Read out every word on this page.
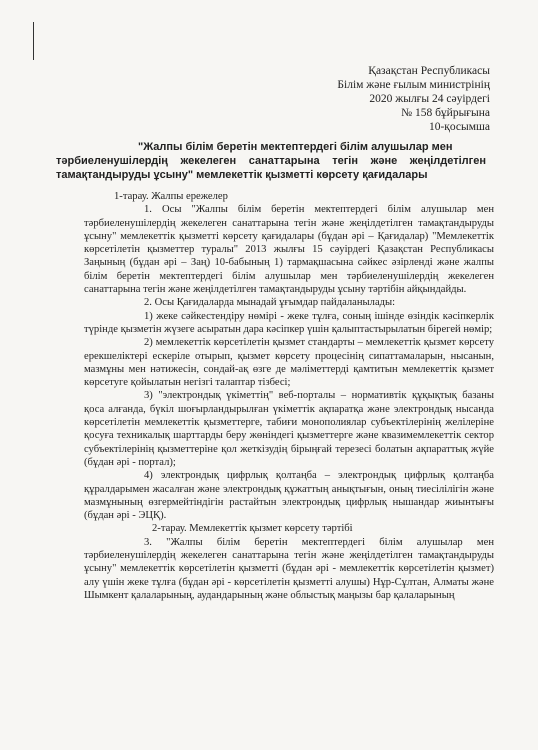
Қазақстан Республикасы
Білім және ғылым министрінің
2020 жылғы 24 сәуірдегі
№ 158 бұйрығына
10-қосымша
"Жалпы білім беретін мектептердегі білім алушылар мен
тәрбиеленушілердің жекелеген санаттарына тегін және жеңілдетілген тамақтандыруды ұсыну" мемлекеттік қызметті көрсету қағидалары

1-тарау. Жалпы ережелер

1. Осы "Жалпы білім беретін мектептердегі білім алушылар мен тәрбиеленушілердің жекелеген санаттарына тегін және жеңілдетілген тамақтандыруды ұсыну" мемлекеттік қызметті көрсету қағидалары (бұдан әрі – Қағидалар) "Мемлекеттік көрсетілетін қызметтер туралы" 2013 жылғы 15 сәуірдегі Қазақстан Республикасы Заңының (бұдан әрі – Заң) 10-бабының 1) тармақшасына сәйкес әзірленді және жалпы білім беретін мектептердегі білім алушылар мен тәрбиеленушілердің жекелеген санаттарына тегін және жеңілдетілген тамақтандыруды ұсыну тәртібін айқындайды.

2. Осы Қағидаларда мынадай ұғымдар пайдаланылады:

1) жеке сәйкестендіру нөмірі - жеке тұлға, соның ішінде өзіндік кәсіпкерлік түрінде қызметін жүзеге асыратын дара кәсіпкер үшін қалыптастырылатын бірегей нөмір;

2) мемлекеттік көрсетілетін қызмет стандарты – мемлекеттік қызмет көрсету ерекшеліктері ескеріле отырып, қызмет көрсету процесінің сипаттамаларын, нысанын, мазмұны мен нәтижесін, сондай-ақ өзге де мәліметтерді қамтитын мемлекеттік қызмет көрсетуге қойылатын негізгі талаптар тізбесі;

3) "электрондық үкіметтің" веб-порталы – нормативтік құқықтық базаны қоса алғанда, бүкіл шоғырландырылған үкіметтік ақпаратқа және электрондық нысанда көрсетілетін мемлекеттік қызметтерге, табиғи монополиялар субъектілерінің желілеріне қосуға техникалық шарттарды беру жөніндегі қызметтерге және квазимемлекеттік сектор субъектілерінің қызметтеріне қол жеткізудің бірыңғай терезесі болатын ақпараттық жүйе (бұдан әрі - портал);

4) электрондық цифрлық қолтаңба – электрондық цифрлық қолтаңба құралдарымен жасалған және электрондық құжаттың анықтығын, оның тиесілілігін және мазмұнының өзгермейтіндігін растайтын электрондық цифрлық нышандар жиынтығы (бұдан әрі - ЭЦҚ).

2-тарау. Мемлекеттік қызмет көрсету тәртібі

3. "Жалпы білім беретін мектептердегі білім алушылар мен тәрбиеленушілердің жекелеген санаттарына тегін және жеңілдетілген тамақтандыруды ұсыну" мемлекеттік көрсетілетін қызметті (бұдан әрі - мемлекеттік көрсетілетін қызмет) алу үшін жеке тұлға (бұдан әрі - көрсетілетін қызметті алушы) Нұр-Сұлтан, Алматы және Шымкент қалаларының, аудандарының және облыстық маңызы бар қалаларының
